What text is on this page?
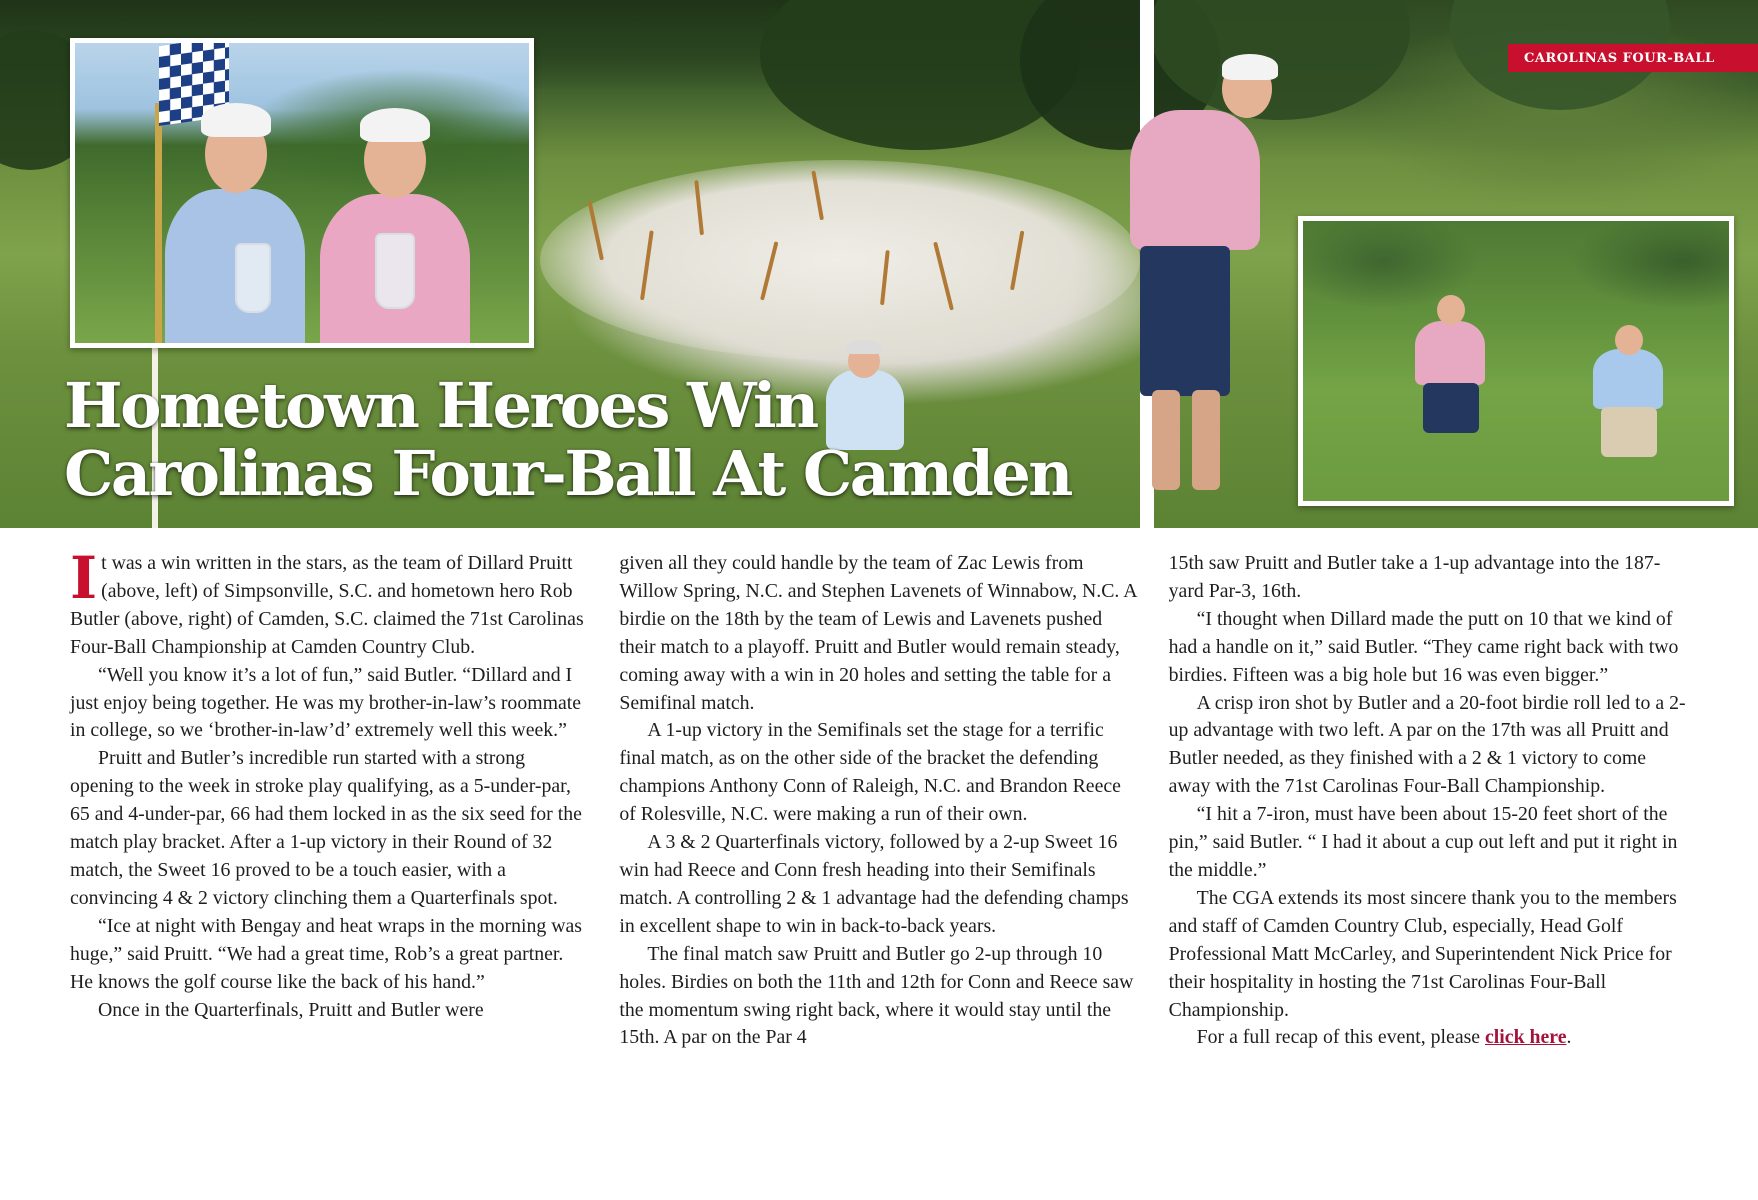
CAROLINAS FOUR-BALL
Hometown Heroes Win
Carolinas Four-Ball At Camden

It was a win written in the stars, as the team of Dillard Pruitt (above, left) of Simpsonville, S.C. and hometown hero Rob Butler (above, right) of Camden, S.C. claimed the 71st Carolinas Four-Ball Championship at Camden Country Club.

“Well you know it’s a lot of fun,” said Butler. “Dillard and I just enjoy being together. He was my brother-in-law’s roommate in college, so we ‘brother-in-law’d’ extremely well this week.”

Pruitt and Butler’s incredible run started with a strong opening to the week in stroke play qualifying, as a 5-under-par, 65 and 4-under-par, 66 had them locked in as the six seed for the match play bracket. After a 1-up victory in their Round of 32 match, the Sweet 16 proved to be a touch easier, with a convincing 4 & 2 victory clinching them a Quarterfinals spot.

“Ice at night with Bengay and heat wraps in the morning was huge,” said Pruitt. “We had a great time, Rob’s a great partner. He knows the golf course like the back of his hand.”

Once in the Quarterfinals, Pruitt and Butler were

given all they could handle by the team of Zac Lewis from Willow Spring, N.C. and Stephen Lavenets of Winnabow, N.C. A birdie on the 18th by the team of Lewis and Lavenets pushed their match to a playoff. Pruitt and Butler would remain steady, coming away with a win in 20 holes and setting the table for a Semifinal match.

A 1-up victory in the Semifinals set the stage for a terrific final match, as on the other side of the bracket the defending champions Anthony Conn of Raleigh, N.C. and Brandon Reece of Rolesville, N.C. were making a run of their own.

A 3 & 2 Quarterfinals victory, followed by a 2-up Sweet 16 win had Reece and Conn fresh heading into their Semifinals match. A controlling 2 & 1 advantage had the defending champs in excellent shape to win in back-to-back years.

The final match saw Pruitt and Butler go 2-up through 10 holes. Birdies on both the 11th and 12th for Conn and Reece saw the momentum swing right back, where it would stay until the 15th. A par on the Par 4

15th saw Pruitt and Butler take a 1-up advantage into the 187-yard Par-3, 16th.

“I thought when Dillard made the putt on 10 that we kind of had a handle on it,” said Butler. “They came right back with two birdies. Fifteen was a big hole but 16 was even bigger.”

A crisp iron shot by Butler and a 20-foot birdie roll led to a 2-up advantage with two left. A par on the 17th was all Pruitt and Butler needed, as they finished with a 2 & 1 victory to come away with the 71st Carolinas Four-Ball Championship.

“I hit a 7-iron, must have been about 15-20 feet short of the pin,” said Butler. “ I had it about a cup out left and put it right in the middle.”

The CGA extends its most sincere thank you to the members and staff of Camden Country Club, especially, Head Golf Professional Matt McCarley, and Superintendent Nick Price for their hospitality in hosting the 71st Carolinas Four-Ball Championship.

For a full recap of this event, please click here.
